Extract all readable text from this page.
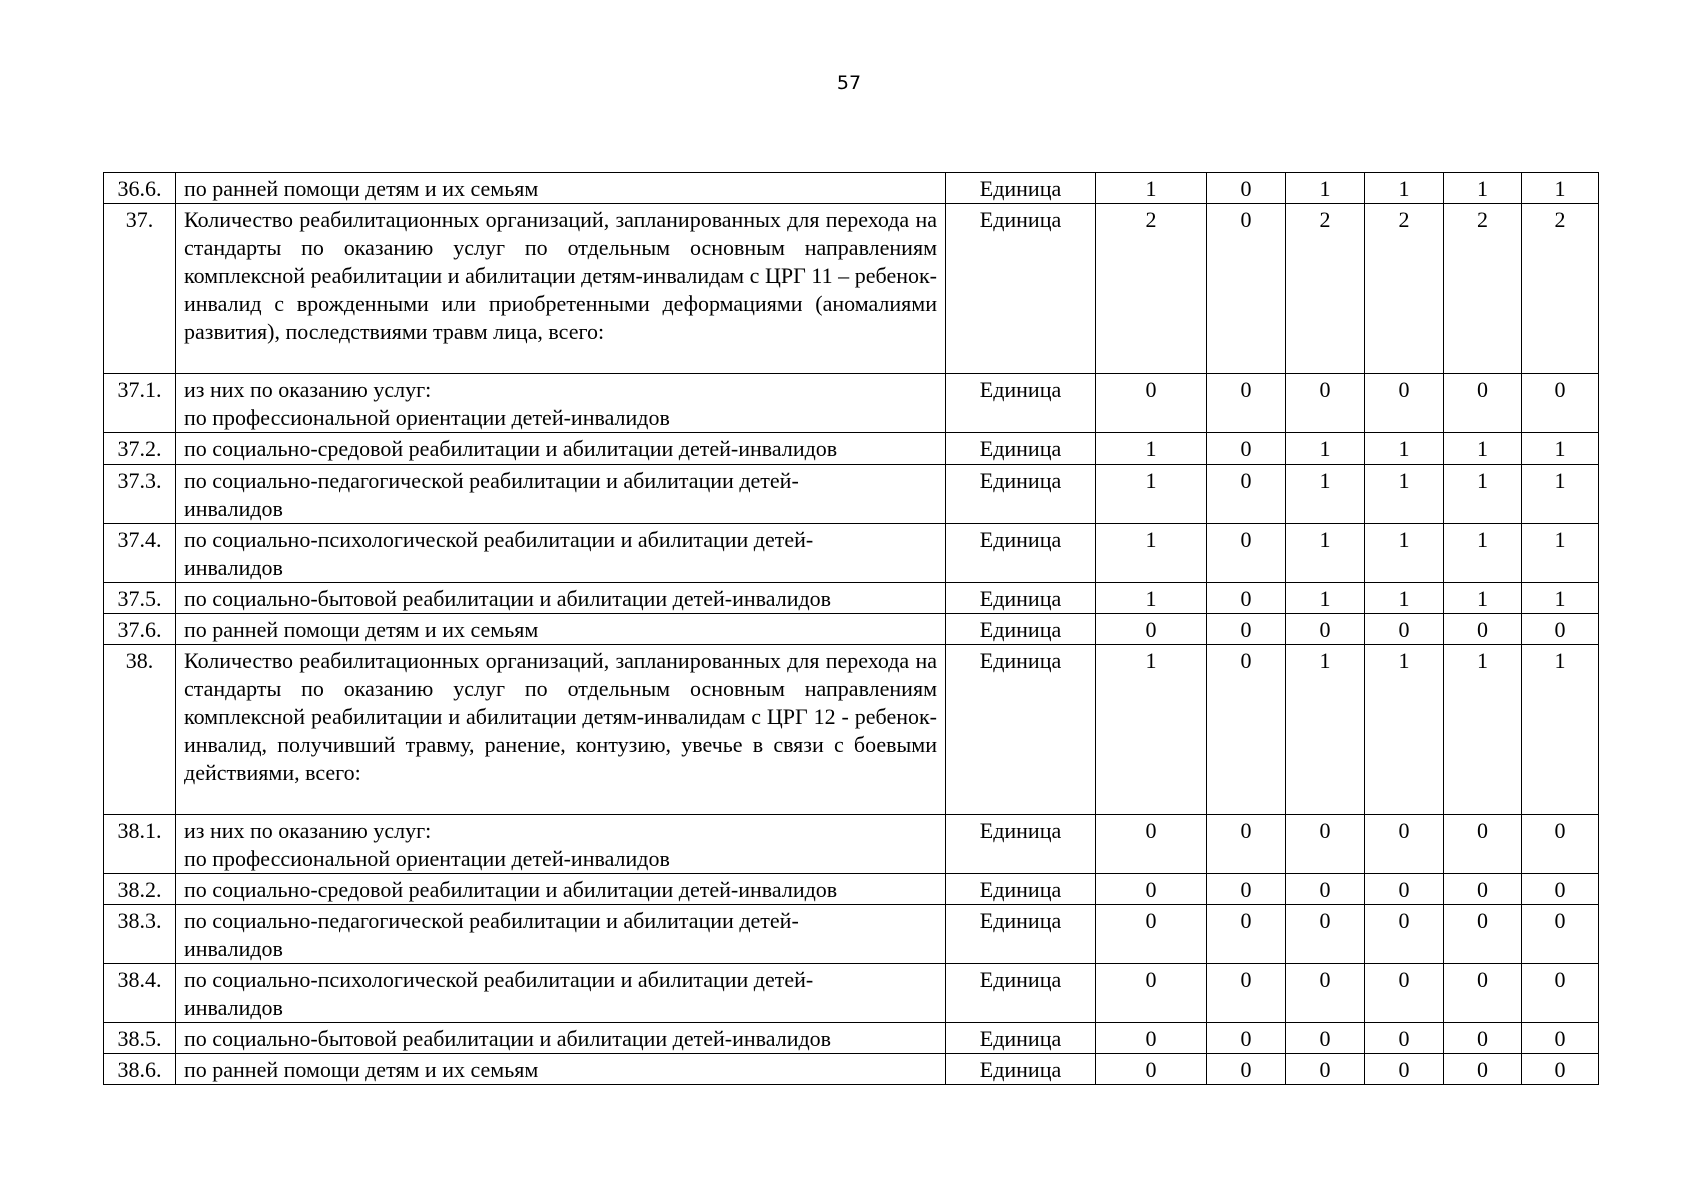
57
36.6.	по ранней помощи детям и их семьям	Единица	1	0	1	1	1	1
37.	Количество реабилитационных организаций, запланированных для перехода на стандарты по оказанию услуг по отдельным основным направлениям комплексной реабилитации и абилитации детям-инвалидам с ЦРГ 11 – ребенок-инвалид с врожденными или приобретенными деформациями (аномалиями развития), последствиями травм лица, всего:	Единица	2	0	2	2	2	2
37.1.	из них по оказанию услуг:
по профессиональной ориентации детей-инвалидов	Единица	0	0	0	0	0	0
37.2.	по социально-средовой реабилитации и абилитации детей-инвалидов	Единица	1	0	1	1	1	1
37.3.	по социально-педагогической реабилитации и абилитации детей-
инвалидов	Единица	1	0	1	1	1	1
37.4.	по социально-психологической реабилитации и абилитации детей-
инвалидов	Единица	1	0	1	1	1	1
37.5.	по социально-бытовой реабилитации и абилитации детей-инвалидов	Единица	1	0	1	1	1	1
37.6.	по ранней помощи детям и их семьям	Единица	0	0	0	0	0	0
38.	Количество реабилитационных организаций, запланированных для перехода на стандарты по оказанию услуг по отдельным основным направлениям комплексной реабилитации и абилитации детям-инвалидам с ЦРГ 12 - ребенок-инвалид, получивший травму, ранение, контузию, увечье в связи с боевыми действиями, всего:	Единица	1	0	1	1	1	1
38.1.	из них по оказанию услуг:
по профессиональной ориентации детей-инвалидов	Единица	0	0	0	0	0	0
38.2.	по социально-средовой реабилитации и абилитации детей-инвалидов	Единица	0	0	0	0	0	0
38.3.	по социально-педагогической реабилитации и абилитации детей-
инвалидов	Единица	0	0	0	0	0	0
38.4.	по социально-психологической реабилитации и абилитации детей-
инвалидов	Единица	0	0	0	0	0	0
38.5.	по социально-бытовой реабилитации и абилитации детей-инвалидов	Единица	0	0	0	0	0	0
38.6.	по ранней помощи детям и их семьям	Единица	0	0	0	0	0	0
